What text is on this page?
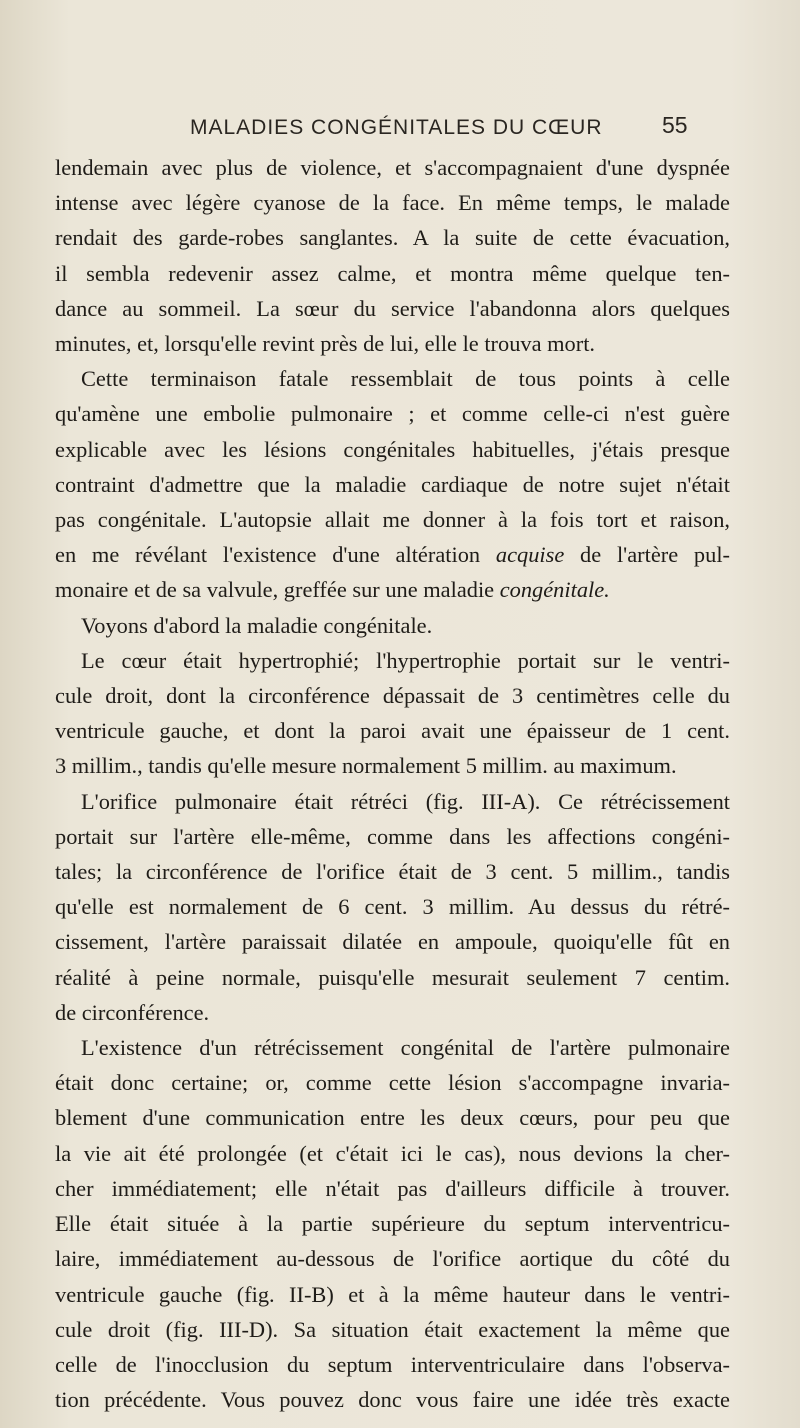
MALADIES CONGÉNITALES DU CŒUR	55

lendemain avec plus de violence, et s'accompagnaient d'une dyspnée
intense avec légère cyanose de la face. En même temps, le malade
rendait des garde-robes sanglantes. A la suite de cette évacuation,
il sembla redevenir assez calme, et montra même quelque ten-
dance au sommeil. La sœur du service l'abandonna alors quelques
minutes, et, lorsqu'elle revint près de lui, elle le trouva mort.

Cette terminaison fatale ressemblait de tous points à celle
qu'amène une embolie pulmonaire ; et comme celle-ci n'est guère
explicable avec les lésions congénitales habituelles, j'étais presque
contraint d'admettre que la maladie cardiaque de notre sujet n'était
pas congénitale. L'autopsie allait me donner à la fois tort et raison,
en me révélant l'existence d'une altération acquise de l'artère pul-
monaire et de sa valvule, greffée sur une maladie congénitale.
Voyons d'abord la maladie congénitale.

Le cœur était hypertrophié; l'hypertrophie portait sur le ventri-
cule droit, dont la circonférence dépassait de 3 centimètres celle du
ventricule gauche, et dont la paroi avait une épaisseur de 1 cent.
3 millim., tandis qu'elle mesure normalement 5 millim. au maximum.

L'orifice pulmonaire était rétréci (fig. III-A). Ce rétrécissement
portait sur l'artère elle-même, comme dans les affections congéni-
tales; la circonférence de l'orifice était de 3 cent. 5 millim., tandis
qu'elle est normalement de 6 cent. 3 millim. Au dessus du rétré-
cissement, l'artère paraissait dilatée en ampoule, quoiqu'elle fût en
réalité à peine normale, puisqu'elle mesurait seulement 7 centim.
de circonférence.

L'existence d'un rétrécissement congénital de l'artère pulmonaire
était donc certaine; or, comme cette lésion s'accompagne invaria-
blement d'une communication entre les deux cœurs, pour peu que
la vie ait été prolongée (et c'était ici le cas), nous devions la cher-
cher immédiatement; elle n'était pas d'ailleurs difficile à trouver.
Elle était située à la partie supérieure du septum interventricu-
laire, immédiatement au-dessous de l'orifice aortique du côté du
ventricule gauche (fig. II-B) et à la même hauteur dans le ventri-
cule droit (fig. III-D). Sa situation était exactement la même que
celle de l'inocclusion du septum interventriculaire dans l'observa-
tion précédente. Vous pouvez donc vous faire une idée très exacte
